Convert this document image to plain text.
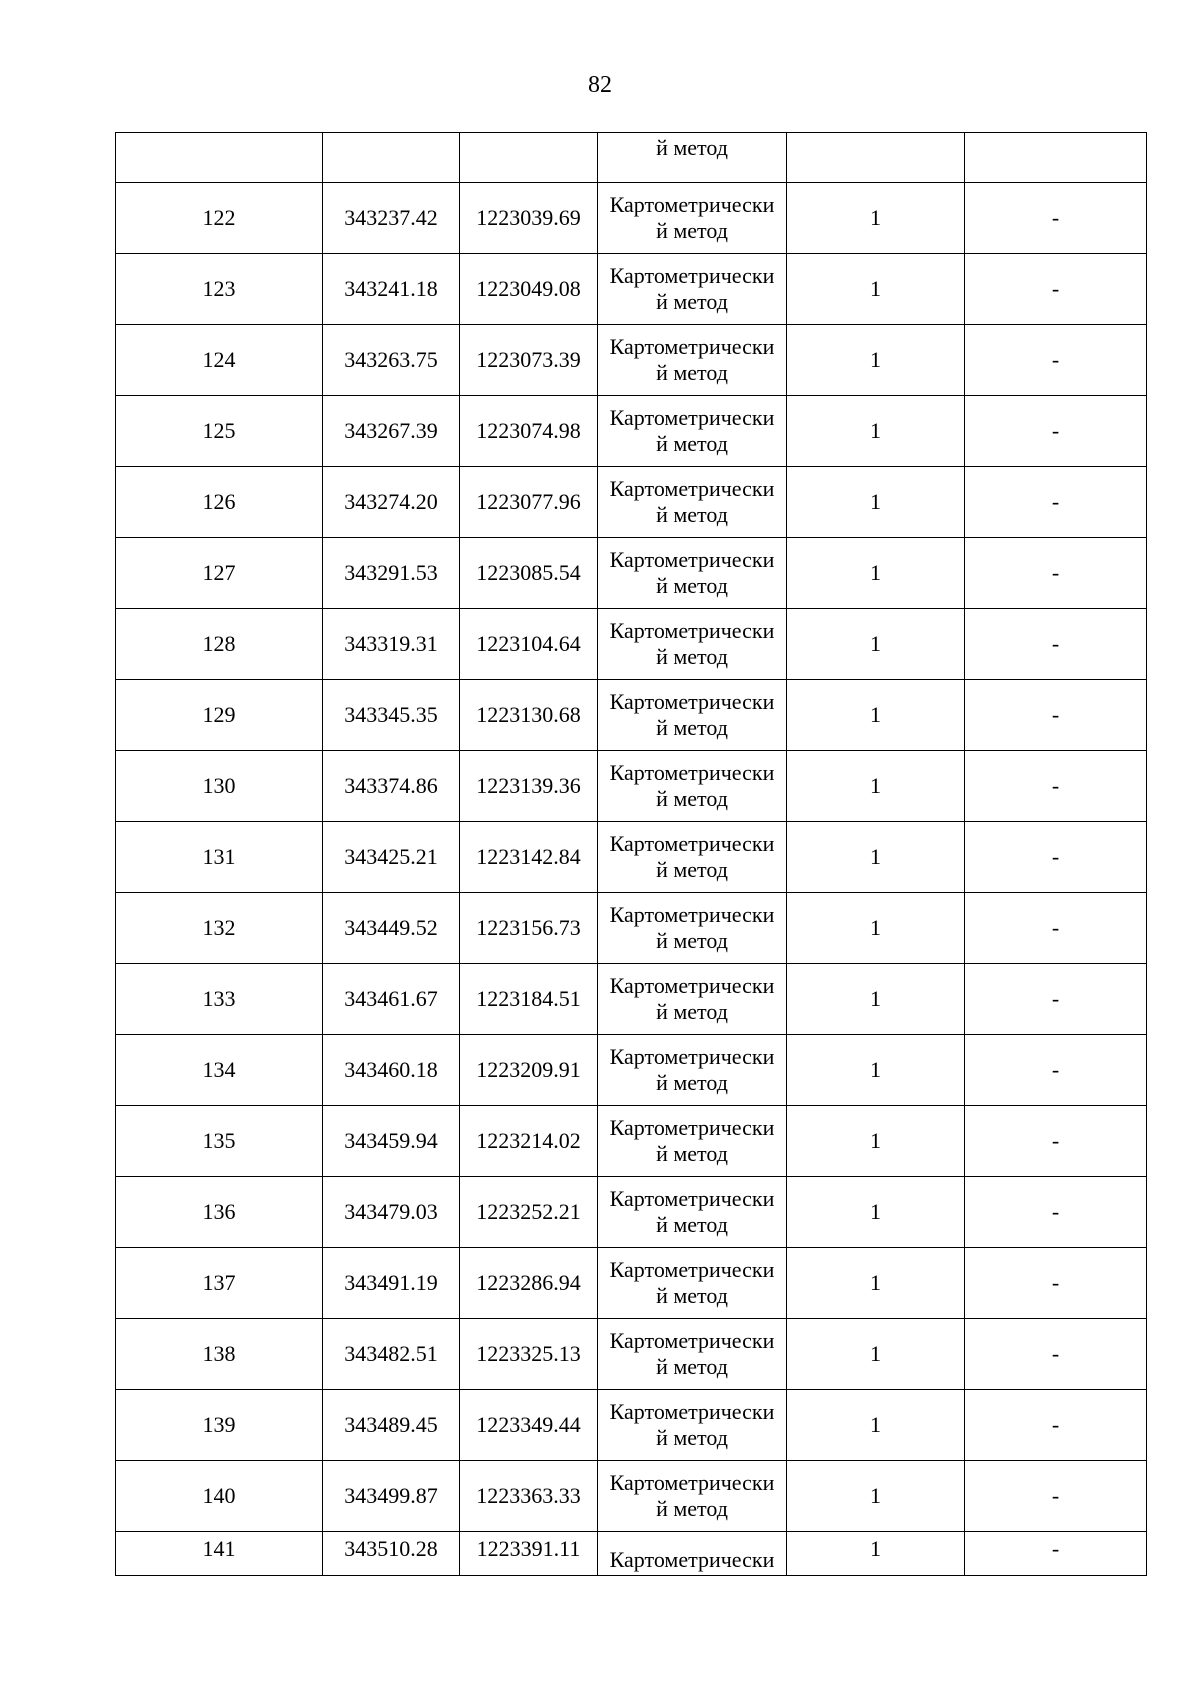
82
			й метод		
122	343237.42	1223039.69	Картометрически
й метод	1	-
123	343241.18	1223049.08	Картометрически
й метод	1	-
124	343263.75	1223073.39	Картометрически
й метод	1	-
125	343267.39	1223074.98	Картометрически
й метод	1	-
126	343274.20	1223077.96	Картометрически
й метод	1	-
127	343291.53	1223085.54	Картометрически
й метод	1	-
128	343319.31	1223104.64	Картометрически
й метод	1	-
129	343345.35	1223130.68	Картометрически
й метод	1	-
130	343374.86	1223139.36	Картометрически
й метод	1	-
131	343425.21	1223142.84	Картометрически
й метод	1	-
132	343449.52	1223156.73	Картометрически
й метод	1	-
133	343461.67	1223184.51	Картометрически
й метод	1	-
134	343460.18	1223209.91	Картометрически
й метод	1	-
135	343459.94	1223214.02	Картометрически
й метод	1	-
136	343479.03	1223252.21	Картометрически
й метод	1	-
137	343491.19	1223286.94	Картометрически
й метод	1	-
138	343482.51	1223325.13	Картометрически
й метод	1	-
139	343489.45	1223349.44	Картометрически
й метод	1	-
140	343499.87	1223363.33	Картометрически
й метод	1	-
141	343510.28	1223391.11	Картометрически	1	-
